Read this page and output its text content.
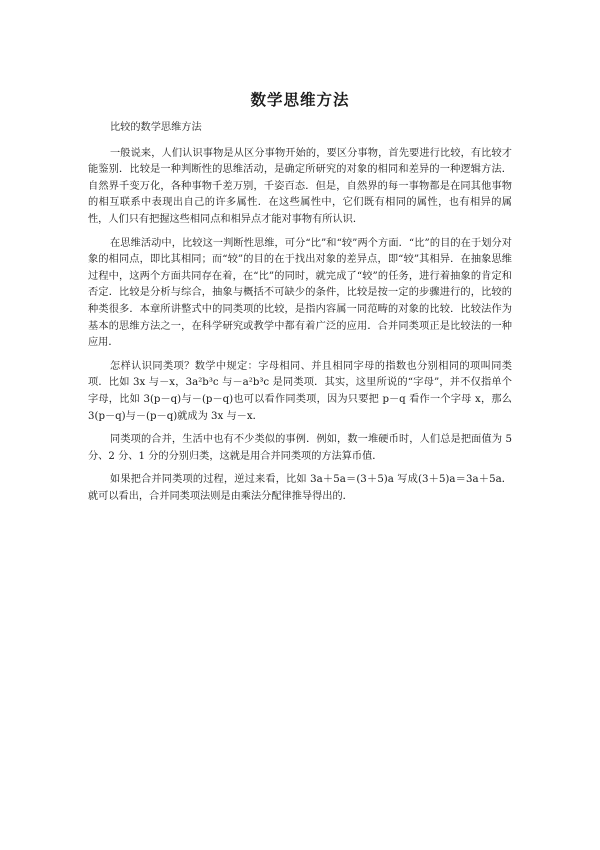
数学思维方法

比较的数学思维方法

一般说来，人们认识事物是从区分事物开始的，要区分事物，首先要进行比较，有比较才能鉴别．比较是一种判断性的思维活动，是确定所研究的对象的相同和差异的一种逻辑方法．自然界千变万化，各种事物千差万别，千姿百态．但是，自然界的每一事物都是在同其他事物的相互联系中表现出自己的许多属性．在这些属性中，它们既有相同的属性，也有相异的属性，人们只有把握这些相同点和相异点才能对事物有所认识．

在思维活动中，比较这一判断性思维，可分“比”和“较”两个方面．“比”的目的在于划分对象的相同点，即比其相同；而“较”的目的在于找出对象的差异点，即“较”其相异．在抽象思维过程中，这两个方面共同存在着，在“比”的同时，就完成了“较”的任务，进行着抽象的肯定和否定．比较是分析与综合，抽象与概括不可缺少的条件，比较是按一定的步骤进行的，比较的种类很多．本章所讲整式中的同类项的比较，是指内容属一同范畴的对象的比较．比较法作为基本的思维方法之一，在科学研究或教学中都有着广泛的应用．合并同类项正是比较法的一种应用．

怎样认识同类项？数学中规定：字母相同、并且相同字母的指数也分别相同的项叫同类项．比如 3x 与－x，3a²b³c 与－a²b³c 是同类项．其实，这里所说的“字母”，并不仅指单个字母，比如 3(p－q)与－(p－q)也可以看作同类项，因为只要把 p－q 看作一个字母 x，那么 3(p－q)与－(p－q)就成为 3x 与－x．

同类项的合并，生活中也有不少类似的事例．例如，数一堆硬币时，人们总是把面值为 5 分、2 分、1 分的分别归类，这就是用合并同类项的方法算币值．

如果把合并同类项的过程，逆过来看，比如 3a＋5a＝(3＋5)a 写成(3＋5)a＝3a＋5a．就可以看出，合并同类项法则是由乘法分配律推导得出的．
